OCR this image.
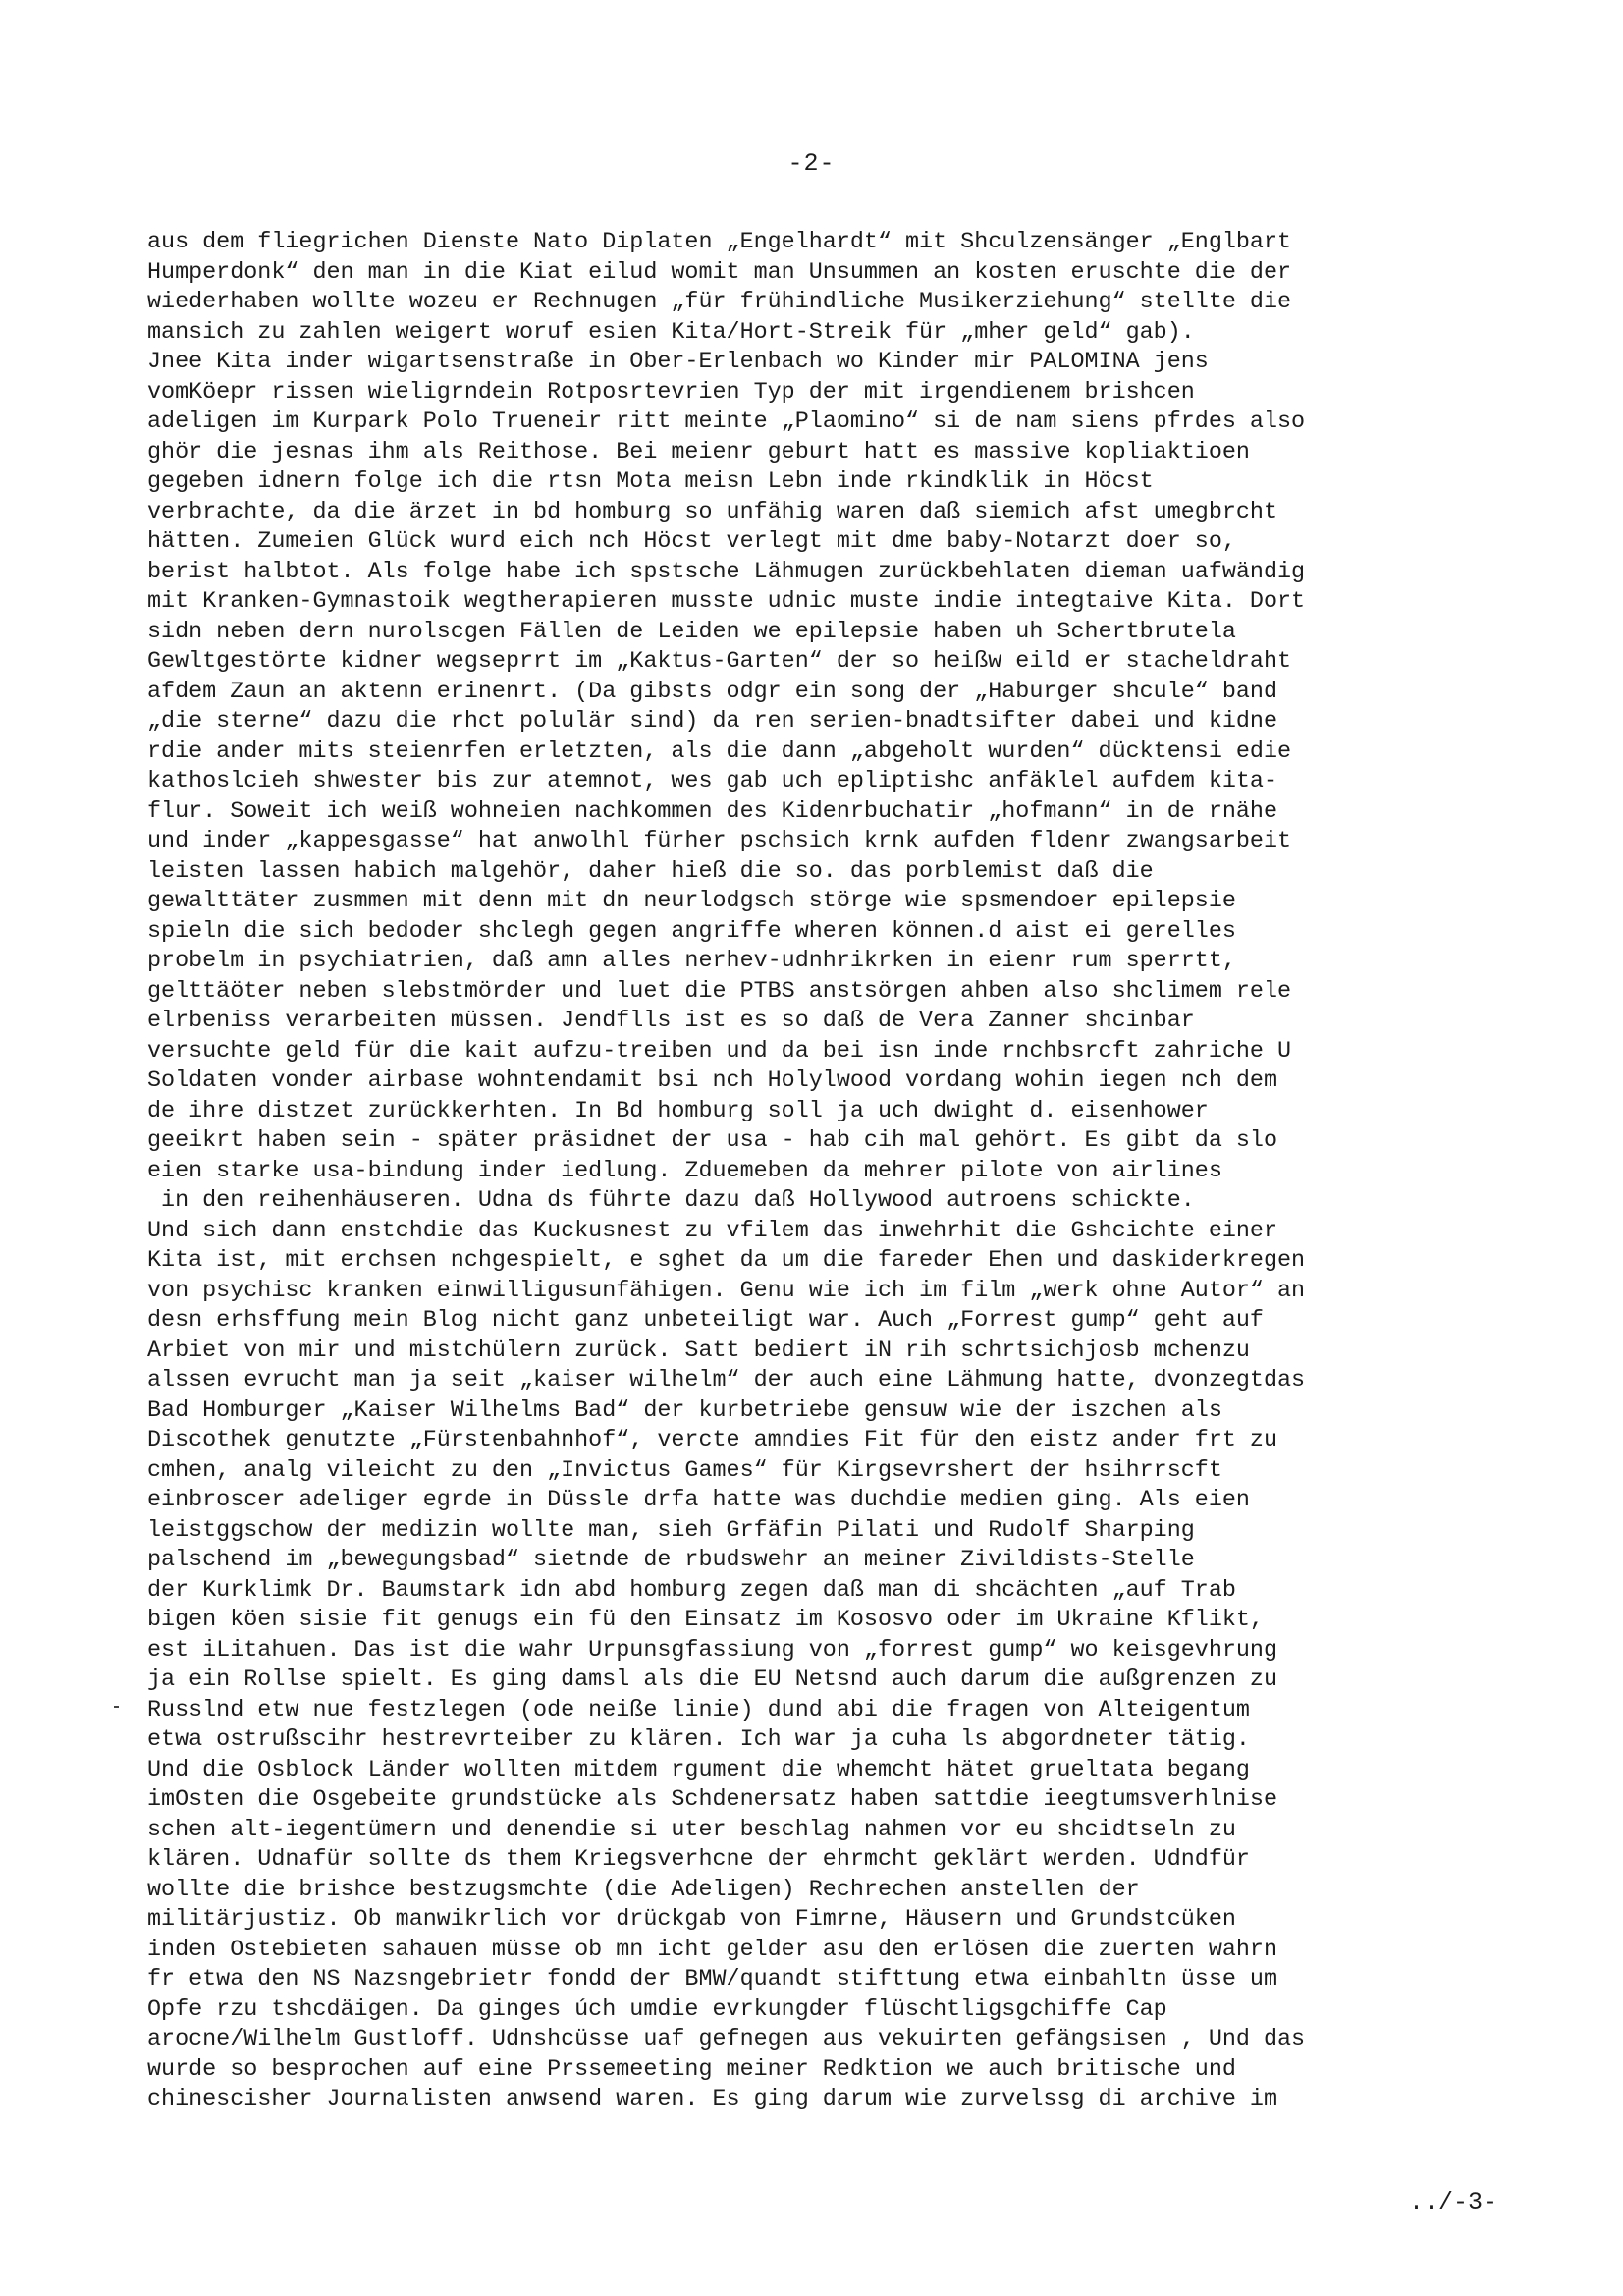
-2-
aus dem fliegrichen Dienste Nato Diplaten „Engelhardt“ mit Shculzensänger „Englbart
Humperdonk“ den man in die Kiat eilud womit man Unsummen an kosten eruschte die der
wiederhaben wollte wozeu er Rechnugen „für frühindliche Musikerziehung“ stellte die
mansich zu zahlen weigert woruf esien Kita/Hort-Streik für „mher geld“ gab).
Jnee Kita inder wigartsenstraße in Ober-Erlenbach wo Kinder mir PALOMINA jens
vomKöepr rissen wieligrndein Rotposrtevrien Typ der mit irgendienem brishcen
adeligen im Kurpark Polo Trueneir ritt meinte „Plaomino“ si de nam siens pfrdes also
ghör die jesnas ihm als Reithose. Bei meienr geburt hatt es massive kopliaktioen
gegeben idnern folge ich die rtsn Mota meisn Lebn inde rkindklik in Höcst
verbrachte, da die ärzet in bd homburg so unfähig waren daß siemich afst umegbrcht
hätten. Zumeien Glück wurd eich nch Höcst verlegt mit dme baby-Notarzt doer so,
berist halbtot. Als folge habe ich spstsche Lähmugen zurückbehlaten dieman uafwändig
mit Kranken-Gymnastoik wegtherapieren musste udnic muste indie integtaive Kita. Dort
sidn neben dern nurolscgen Fällen de Leiden we epilepsie haben uh Schertbrutela
Gewltgestörte kidner wegseprrt im „Kaktus-Garten“ der so heißw eild er stacheldraht
afdem Zaun an aktenn erinenrt. (Da gibsts odgr ein song der „Haburger shcule“ band
„die sterne“ dazu die rhct polulär sind) da ren serien-bnadtsifter dabei und kidne
rdie ander mits steienrfen erletzten, als die dann „abgeholt wurden“ dücktensi edie
kathoslcieh shwester bis zur atemnot, wes gab uch epliptishc anfäklel aufdem kita-
flur. Soweit ich weiß wohneien nachkommen des Kidenrbuchatir „hofmann“ in de rnähe
und inder „kappesgasse“ hat anwolhl fürher pschsich krnk aufden fldenr zwangsarbeit
leisten lassen habich malgehör, daher hieß die so. das porblemist daß die
gewalttäter zusmmen mit denn mit dn neurlodgsch störge wie spsmendoer epilepsie
spieln die sich bedoder shclegh gegen angriffe wheren können.d aist ei gerelles
probelm in psychiatrien, daß amn alles nerhev-udnhrikrken in eienr rum sperrtt,
gelttäöter neben slebstmörder und luet die PTBS anstsörgen ahben also shclimem rele
elrbeniss verarbeiten müssen. Jendflls ist es so daß de Vera Zanner shcinbar
versuchte geld für die kait aufzu-treiben und da bei isn inde rnchbsrcft zahriche U
Soldaten vonder airbase wohntendamit bsi nch Holylwood vordang wohin iegen nch dem
de ihre distzet zurückkerhten. In Bd homburg soll ja uch dwight d. eisenhower
geeikrt haben sein - später präsidnet der usa - hab cih mal gehört. Es gibt da slo
eien starke usa-bindung inder iedlung. Zduemeben da mehrer pilote von airlines
in den reihenhäuseren. Udna ds führte dazu daß Hollywood autroens schickte.
Und sich dann enstchdie das Kuckusnest zu vfilem das inwehrhit die Gshcichte einer
Kita ist, mit erchsen nchgespielt, e sghet da um die fareder Ehen und daskiderkregen
von psychisc kranken einwilligusunfähigen. Genu wie ich im film „werk ohne Autor“ an
desn erhsffung mein Blog nicht ganz unbeteiligt war. Auch „Forrest gump“ geht auf
Arbiet von mir und mistchülern zurück. Satt bediert iN rih schrtsichjosb mchenzu
alssen evrucht man ja seit „kaiser wilhelm“ der auch eine Lähmung hatte, dvonzegtdas
Bad Homburger „Kaiser Wilhelms Bad“ der kurbetriebe gensuw wie der iszchen als
Discothek genutzte „Fürstenbahnhof“, vercte amndies Fit für den eistz ander frt zu
cmhen, analg vileicht zu den „Invictus Games“ für Kirgsevrshert der hsihrrscft
einbroscer adeliger egrde in Düssle drfa hatte was duchdie medien ging. Als eien
leistggschow der medizin wollte man, sieh Grfäfin Pilati und Rudolf Sharping
palschend im „bewegungsbad“ sietnde de rbudswehr an meiner Zivildists-Stelle
der Kurklimk Dr. Baumstark idn abd homburg zegen daß man di shcächten „auf Trab
bigen köen sisie fit genugs ein fü den Einsatz im Kososvo oder im Ukraine Kflikt,
est iLitahuen. Das ist die wahr Urpunsgfassiung von „forrest gump“ wo keisgevhrung
ja ein Rollse spielt. Es ging damsl als die EU Netsnd auch darum die außgrenzen zu
Russlnd etw nue festzlegen (ode neiße linie) dund abi die fragen von Alteigentum
etwa ostrußscihr hestrevrteiber zu klären. Ich war ja cuha ls abgordneter tätig.
Und die Osblock Länder wollten mitdem rgument die whemcht hätet grueltata begang
imOsten die Osgebeite grundstücke als Schdenersatz haben sattdie ieegtumsverhlnise
schen alt-iegentümern und denendie si uter beschlag nahmen vor eu shcidtseln zu
klären. Udnafür sollte ds them Kriegsverhcne der ehrmcht geklärt werden. Udndfür
wollte die brishce bestzugsmchte (die Adeligen) Rechrechen anstellen der
militärjustiz. Ob manwikrlich vor drückgab von Fimrne, Häusern und Grundstcüken
inden Ostebieten sahauen müsse ob mn icht gelder asu den erlösen die zuerten wahrn
fr etwa den NS Nazsngebrietr fondd der BMW/quandt stifttung etwa einbahltn üsse um
Opfe rzu tshcdäigen. Da ginges úch umdie evrkungder flüschtligsgchiffe Cap
arocne/Wilhelm Gustloff. Udnshcüsse uaf gefnegen aus vekuirten gefängsisen , Und das
wurde so besprochen auf eine Prssemeeting meiner Redktion we auch britische und
chinescisher Journalisten anwsend waren. Es ging darum wie zurvelssg di archive im
../-3-
